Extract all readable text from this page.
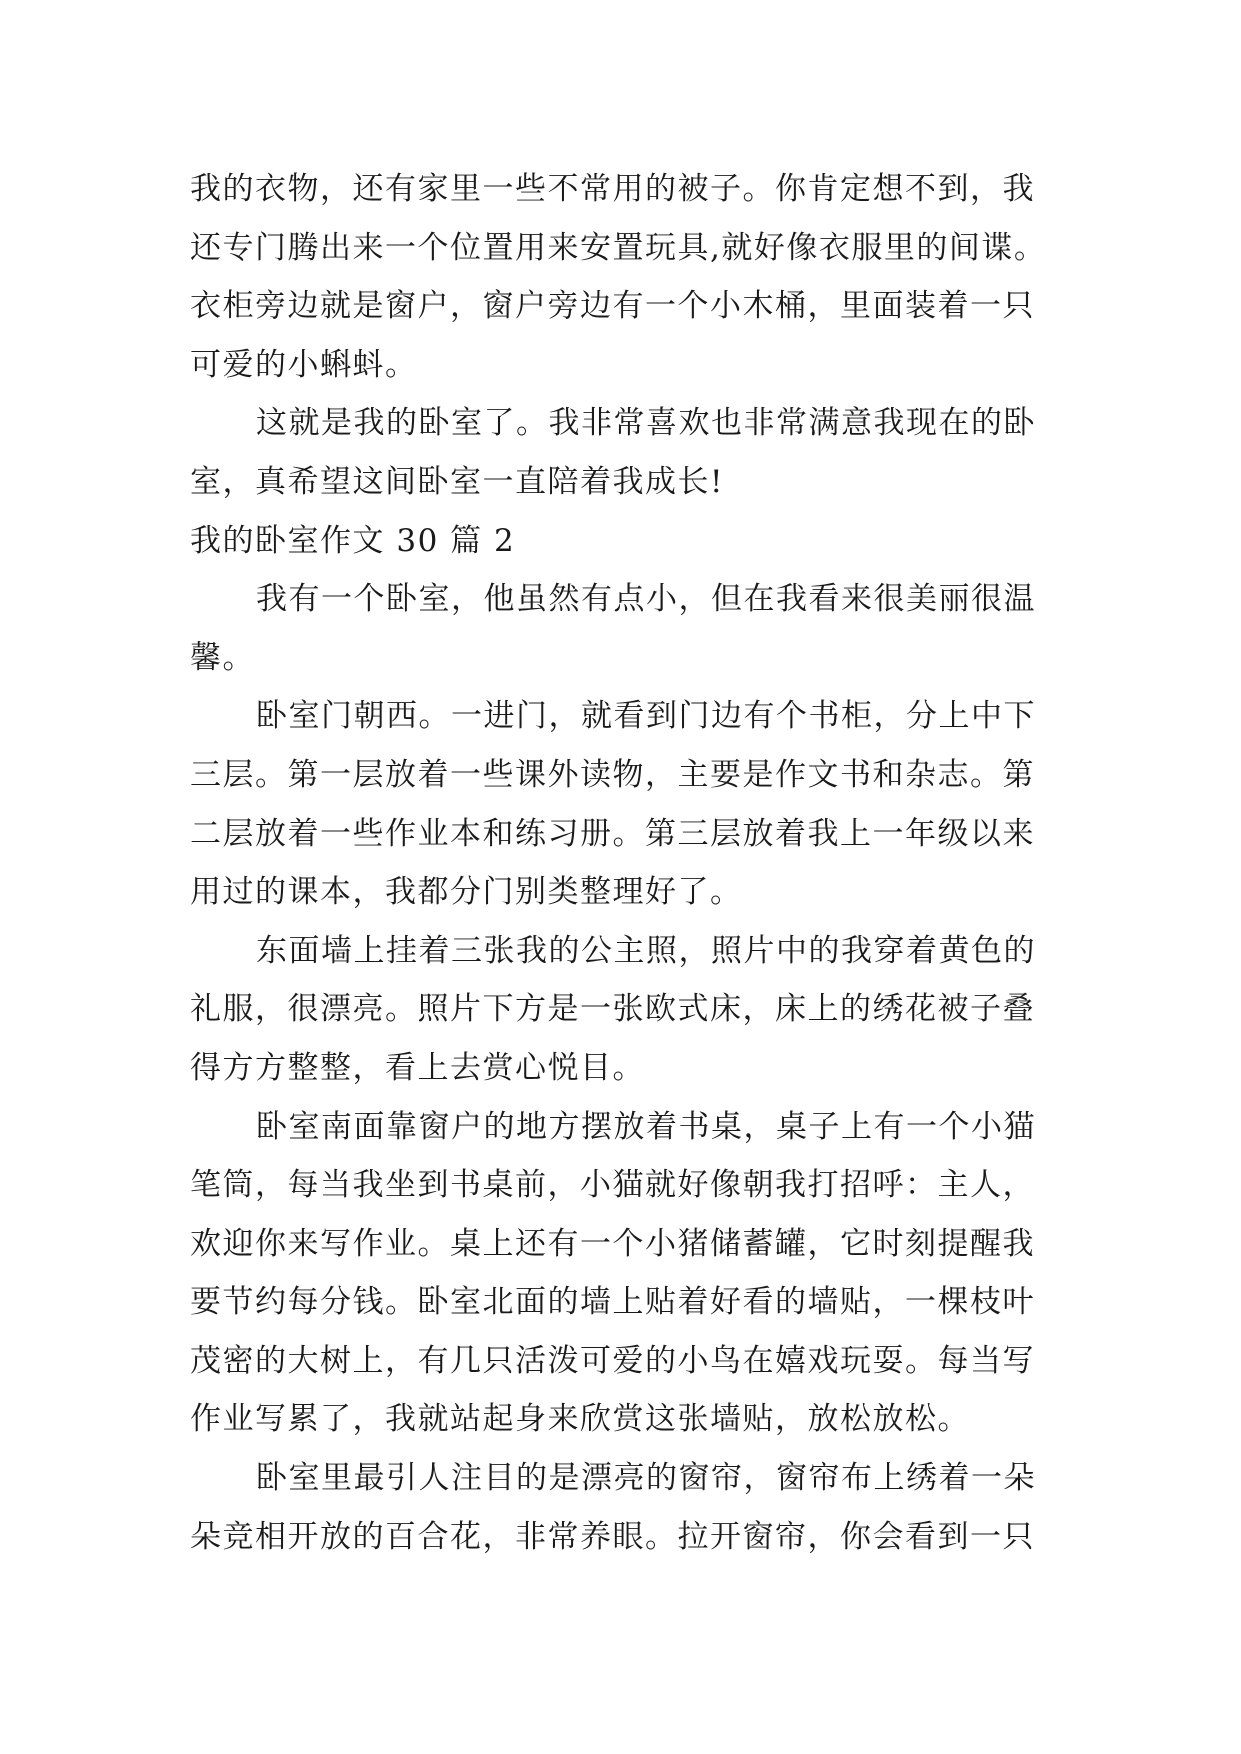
我的衣物，还有家里一些不常用的被子。你肯定想不到，我
还专门腾出来一个位置用来安置玩具,就好像衣服里的间谍。
衣柜旁边就是窗户，窗户旁边有一个小木桶，里面装着一只
可爱的小蝌蚪。
这就是我的卧室了。我非常喜欢也非常满意我现在的卧
室，真希望这间卧室一直陪着我成长!
我的卧室作文 30 篇 2
我有一个卧室，他虽然有点小，但在我看来很美丽很温
馨。
卧室门朝西。一进门，就看到门边有个书柜，分上中下
三层。第一层放着一些课外读物，主要是作文书和杂志。第
二层放着一些作业本和练习册。第三层放着我上一年级以来
用过的课本，我都分门别类整理好了。
东面墙上挂着三张我的公主照，照片中的我穿着黄色的
礼服，很漂亮。照片下方是一张欧式床，床上的绣花被子叠
得方方整整，看上去赏心悦目。
卧室南面靠窗户的地方摆放着书桌，桌子上有一个小猫
笔筒，每当我坐到书桌前，小猫就好像朝我打招呼：主人，
欢迎你来写作业。桌上还有一个小猪储蓄罐，它时刻提醒我
要节约每分钱。卧室北面的墙上贴着好看的墙贴，一棵枝叶
茂密的大树上，有几只活泼可爱的小鸟在嬉戏玩耍。每当写
作业写累了，我就站起身来欣赏这张墙贴，放松放松。
卧室里最引人注目的是漂亮的窗帘，窗帘布上绣着一朵
朵竞相开放的百合花，非常养眼。拉开窗帘，你会看到一只
